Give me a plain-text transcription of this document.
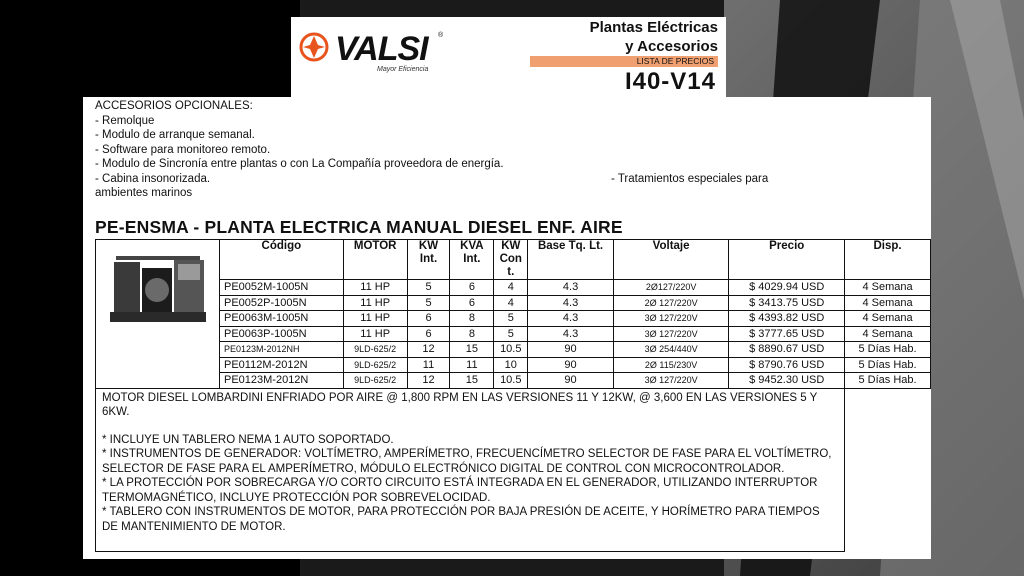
VALSI ®
Mayor Eficiencia
Plantas Eléctricas
y Accesorios
LISTA DE PRECIOS
I40-V14
ACCESORIOS OPCIONALES:
- Remolque
- Modulo de arranque semanal.
- Software para monitoreo remoto.
- Modulo de Sincronía entre plantas o con La Compañía proveedora de energía.
- Cabina insonorizada.
ambientes marinos
- Tratamientos especiales para
PE-ENSMA - PLANTA ELECTRICA MANUAL DIESEL ENF. AIRE
	Código	MOTOR	KW Int.	KVA Int.	KW Con t.	Base Tq. Lt.	Voltaje	Precio	Disp.
	PE0052M-1005N	11 HP	5	6	4	4.3	2Ø127/220V	$ 4029.94 USD	4 Semana
	PE0052P-1005N	11 HP	5	6	4	4.3	2Ø 127/220V	$ 3413.75 USD	4 Semana
	PE0063M-1005N	11 HP	6	8	5	4.3	3Ø 127/220V	$ 4393.82 USD	4 Semana
	PE0063P-1005N	11 HP	6	8	5	4.3	3Ø 127/220V	$ 3777.65 USD	4 Semana
	PE0123M-2012NH	9LD-625/2	12	15	10.5	90	3Ø 254/440V	$ 8890.67 USD	5 Días Hab.
	PE0112M-2012N	9LD-625/2	11	11	10	90	2Ø 115/230V	$ 8790.76 USD	5 Días Hab.
	PE0123M-2012N	9LD-625/2	12	15	10.5	90	3Ø 127/220V	$ 9452.30 USD	5 Días Hab.

MOTOR DIESEL LOMBARDINI ENFRIADO POR AIRE @ 1,800 RPM EN LAS VERSIONES 11 Y 12KW, @ 3,600 EN LAS VERSIONES 5 Y 6KW.

* INCLUYE UN TABLERO NEMA 1 AUTO SOPORTADO.

* INSTRUMENTOS DE GENERADOR: VOLTÍMETRO, AMPERÍMETRO, FRECUENCÍMETRO SELECTOR DE FASE PARA EL VOLTÍMETRO, SELECTOR DE FASE PARA EL AMPERÍMETRO, MÓDULO ELECTRÓNICO DIGITAL DE CONTROL CON MICROCONTROLADOR.

* LA PROTECCIÓN POR SOBRECARGA Y/O CORTO CIRCUITO ESTÁ INTEGRADA EN EL GENERADOR, UTILIZANDO INTERRUPTOR TERMOMAGNÉTICO, INCLUYE PROTECCIÓN POR SOBREVELOCIDAD.

* TABLERO CON INSTRUMENTOS DE MOTOR, PARA PROTECCIÓN POR BAJA PRESIÓN DE ACEITE, Y HORÍMETRO PARA TIEMPOS DE MANTENIMIENTO DE MOTOR.									
